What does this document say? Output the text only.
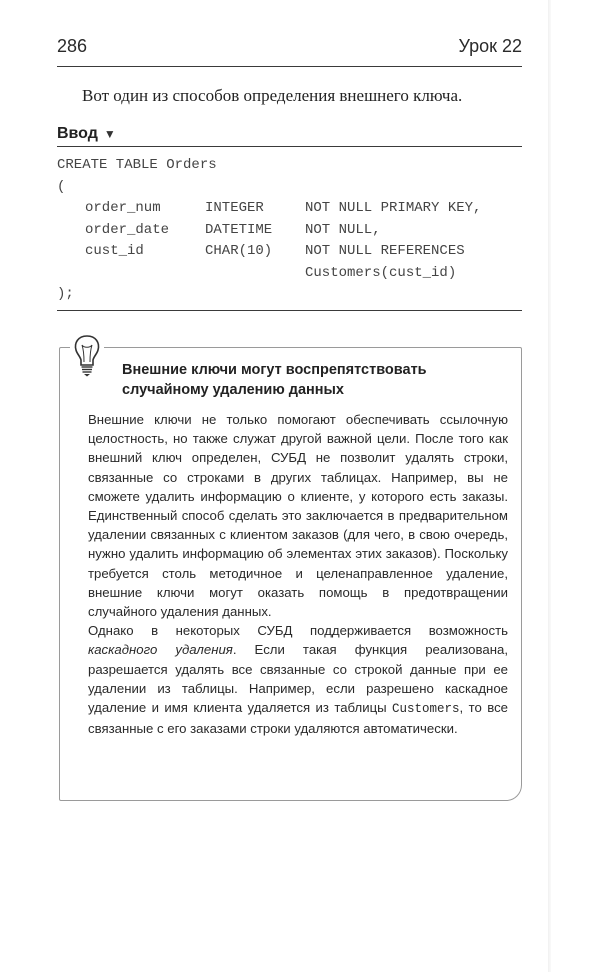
286	Урок 22
Вот один из способов определения внешнего ключа.
Ввод ▼
CREATE TABLE Orders
(
order_num	INTEGER	NOT NULL PRIMARY KEY,
order_date	DATETIME	NOT NULL,
cust_id	CHAR(10)	NOT NULL REFERENCES
Customers(cust_id)
);
Внешние ключи могут воспрепятствовать
случайному удалению данных

Внешние ключи не только помогают обеспечивать ссылочную целостность, но также служат другой важной цели. После того как внешний ключ определен, СУБД не позволит удалять строки, связанные со строками в других таблицах. Например, вы не сможете удалить информацию о клиенте, у которого есть заказы. Единственный способ сделать это заключается в предварительном удалении связанных с клиентом заказов (для чего, в свою очередь, нужно удалить информацию об элементах этих заказов). Поскольку требуется столь методичное и целенаправленное удаление, внешние ключи могут оказать помощь в предотвращении случайного удаления данных.

Однако в некоторых СУБД поддерживается возможность каскадного удаления. Если такая функция реализована, разрешается удалять все связанные со строкой данные при ее удалении из таблицы. Например, если разрешено каскадное удаление и имя клиента удаляется из таблицы Customers, то все связанные с его заказами строки удаляются автоматически.
